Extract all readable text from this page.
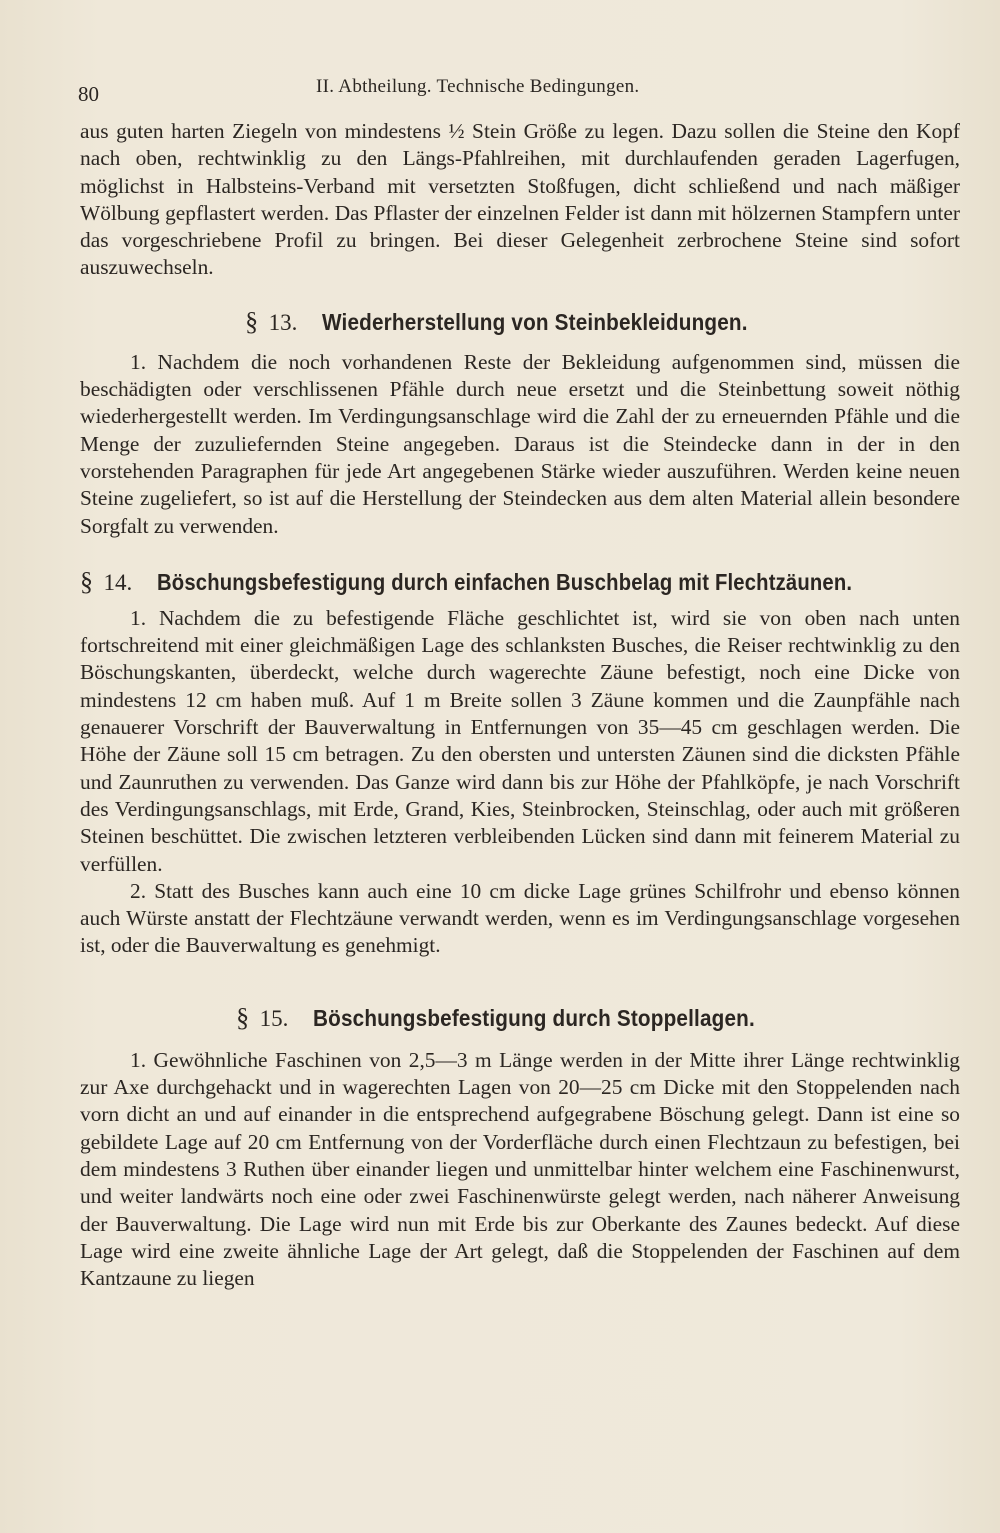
80	II. Abtheilung. Technische Bedingungen.

aus guten harten Ziegeln von mindestens ½ Stein Größe zu legen. Dazu sollen die Steine den Kopf nach oben, rechtwinklig zu den Längs-Pfahlreihen, mit durchlaufenden geraden Lagerfugen, möglichst in Halbsteins-Verband mit versetzten Stoßfugen, dicht schließend und nach mäßiger Wölbung gepflastert werden. Das Pflaster der einzelnen Felder ist dann mit hölzernen Stampfern unter das vorgeschriebene Profil zu bringen. Bei dieser Gelegenheit zerbrochene Steine sind sofort auszuwechseln.

§ 13. Wiederherstellung von Steinbekleidungen.

1. Nachdem die noch vorhandenen Reste der Bekleidung aufgenommen sind, müssen die beschädigten oder verschlissenen Pfähle durch neue ersetzt und die Steinbettung soweit nöthig wiederhergestellt werden. Im Verdingungsanschlage wird die Zahl der zu erneuernden Pfähle und die Menge der zuzuliefernden Steine angegeben. Daraus ist die Steindecke dann in der in den vorstehenden Paragraphen für jede Art angegebenen Stärke wieder auszuführen. Werden keine neuen Steine zugeliefert, so ist auf die Herstellung der Steindecken aus dem alten Material allein besondere Sorgfalt zu verwenden.

§ 14. Böschungsbefestigung durch einfachen Buschbelag mit Flechtzäunen.

1. Nachdem die zu befestigende Fläche geschlichtet ist, wird sie von oben nach unten fortschreitend mit einer gleichmäßigen Lage des schlanksten Busches, die Reiser rechtwinklig zu den Böschungskanten, überdeckt, welche durch wagerechte Zäune befestigt, noch eine Dicke von mindestens 12 cm haben muß. Auf 1 m Breite sollen 3 Zäune kommen und die Zaunpfähle nach genauerer Vorschrift der Bauverwaltung in Entfernungen von 35—45 cm geschlagen werden. Die Höhe der Zäune soll 15 cm betragen. Zu den obersten und untersten Zäunen sind die dicksten Pfähle und Zaunruthen zu verwenden. Das Ganze wird dann bis zur Höhe der Pfahlköpfe, je nach Vorschrift des Verdingungsanschlags, mit Erde, Grand, Kies, Steinbrocken, Steinschlag, oder auch mit größeren Steinen beschüttet. Die zwischen letzteren verbleibenden Lücken sind dann mit feinerem Material zu verfüllen.

2. Statt des Busches kann auch eine 10 cm dicke Lage grünes Schilfrohr und ebenso können auch Würste anstatt der Flechtzäune verwandt werden, wenn es im Verdingungsanschlage vorgesehen ist, oder die Bauverwaltung es genehmigt.

§ 15. Böschungsbefestigung durch Stoppellagen.

1. Gewöhnliche Faschinen von 2,5—3 m Länge werden in der Mitte ihrer Länge rechtwinklig zur Axe durchgehackt und in wagerechten Lagen von 20—25 cm Dicke mit den Stoppelenden nach vorn dicht an und auf einander in die entsprechend aufgegrabene Böschung gelegt. Dann ist eine so gebildete Lage auf 20 cm Entfernung von der Vorderfläche durch einen Flechtzaun zu befestigen, bei dem mindestens 3 Ruthen über einander liegen und unmittelbar hinter welchem eine Faschinenwurst, und weiter landwärts noch eine oder zwei Faschinenwürste gelegt werden, nach näherer Anweisung der Bauverwaltung. Die Lage wird nun mit Erde bis zur Oberkante des Zaunes bedeckt. Auf diese Lage wird eine zweite ähnliche Lage der Art gelegt, daß die Stoppelenden der Faschinen auf dem Kantzaune zu liegen
